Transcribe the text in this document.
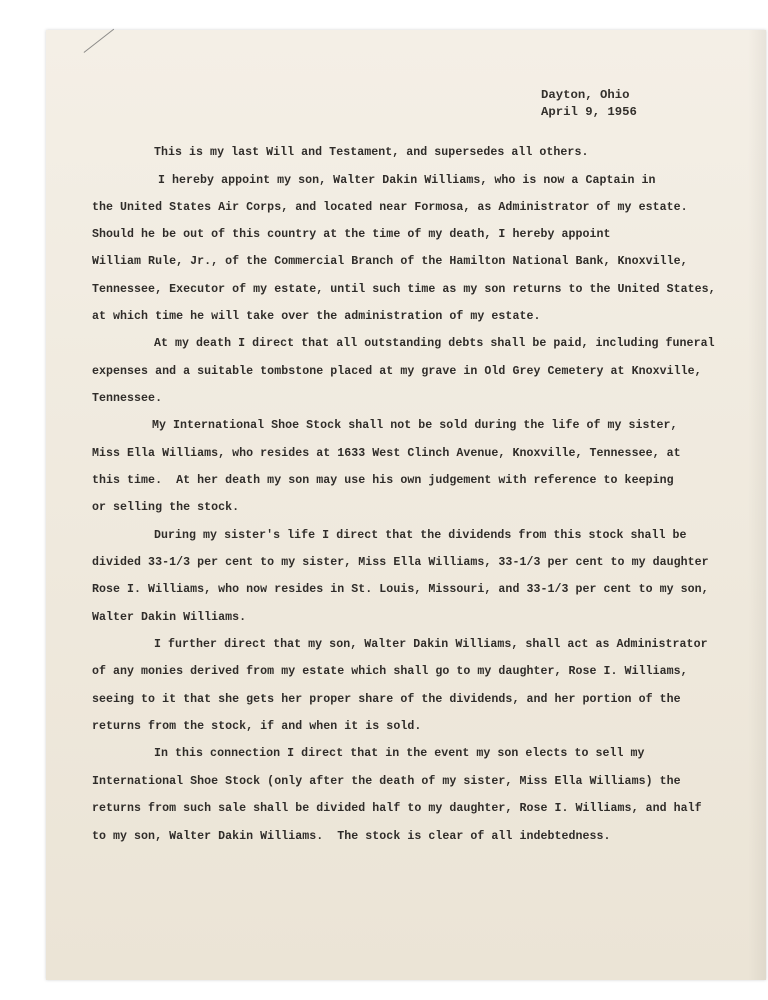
Dayton, Ohio
April 9, 1956
This is my last Will and Testament, and supersedes all others.
I hereby appoint my son, Walter Dakin Williams, who is now a Captain in
the United States Air Corps, and located near Formosa, as Administrator of my estate.
Should he be out of this country at the time of my death, I hereby appoint
William Rule, Jr., of the Commercial Branch of the Hamilton National Bank, Knoxville,
Tennessee, Executor of my estate, until such time as my son returns to the United States,
at which time he will take over the administration of my estate.
At my death I direct that all outstanding debts shall be paid, including funeral
expenses and a suitable tombstone placed at my grave in Old Grey Cemetery at Knoxville,
Tennessee.
My International Shoe Stock shall not be sold during the life of my sister,
Miss Ella Williams, who resides at 1633 West Clinch Avenue, Knoxville, Tennessee, at
this time.  At her death my son may use his own judgement with reference to keeping
or selling the stock.
During my sister's life I direct that the dividends from this stock shall be
divided 33-1/3 per cent to my sister, Miss Ella Williams, 33-1/3 per cent to my daughter
Rose I. Williams, who now resides in St. Louis, Missouri, and 33-1/3 per cent to my son,
Walter Dakin Williams.
I further direct that my son, Walter Dakin Williams, shall act as Administrator
of any monies derived from my estate which shall go to my daughter, Rose I. Williams,
seeing to it that she gets her proper share of the dividends, and her portion of the
returns from the stock, if and when it is sold.
In this connection I direct that in the event my son elects to sell my
International Shoe Stock (only after the death of my sister, Miss Ella Williams) the
returns from such sale shall be divided half to my daughter, Rose I. Williams, and half
to my son, Walter Dakin Williams.  The stock is clear of all indebtedness.
